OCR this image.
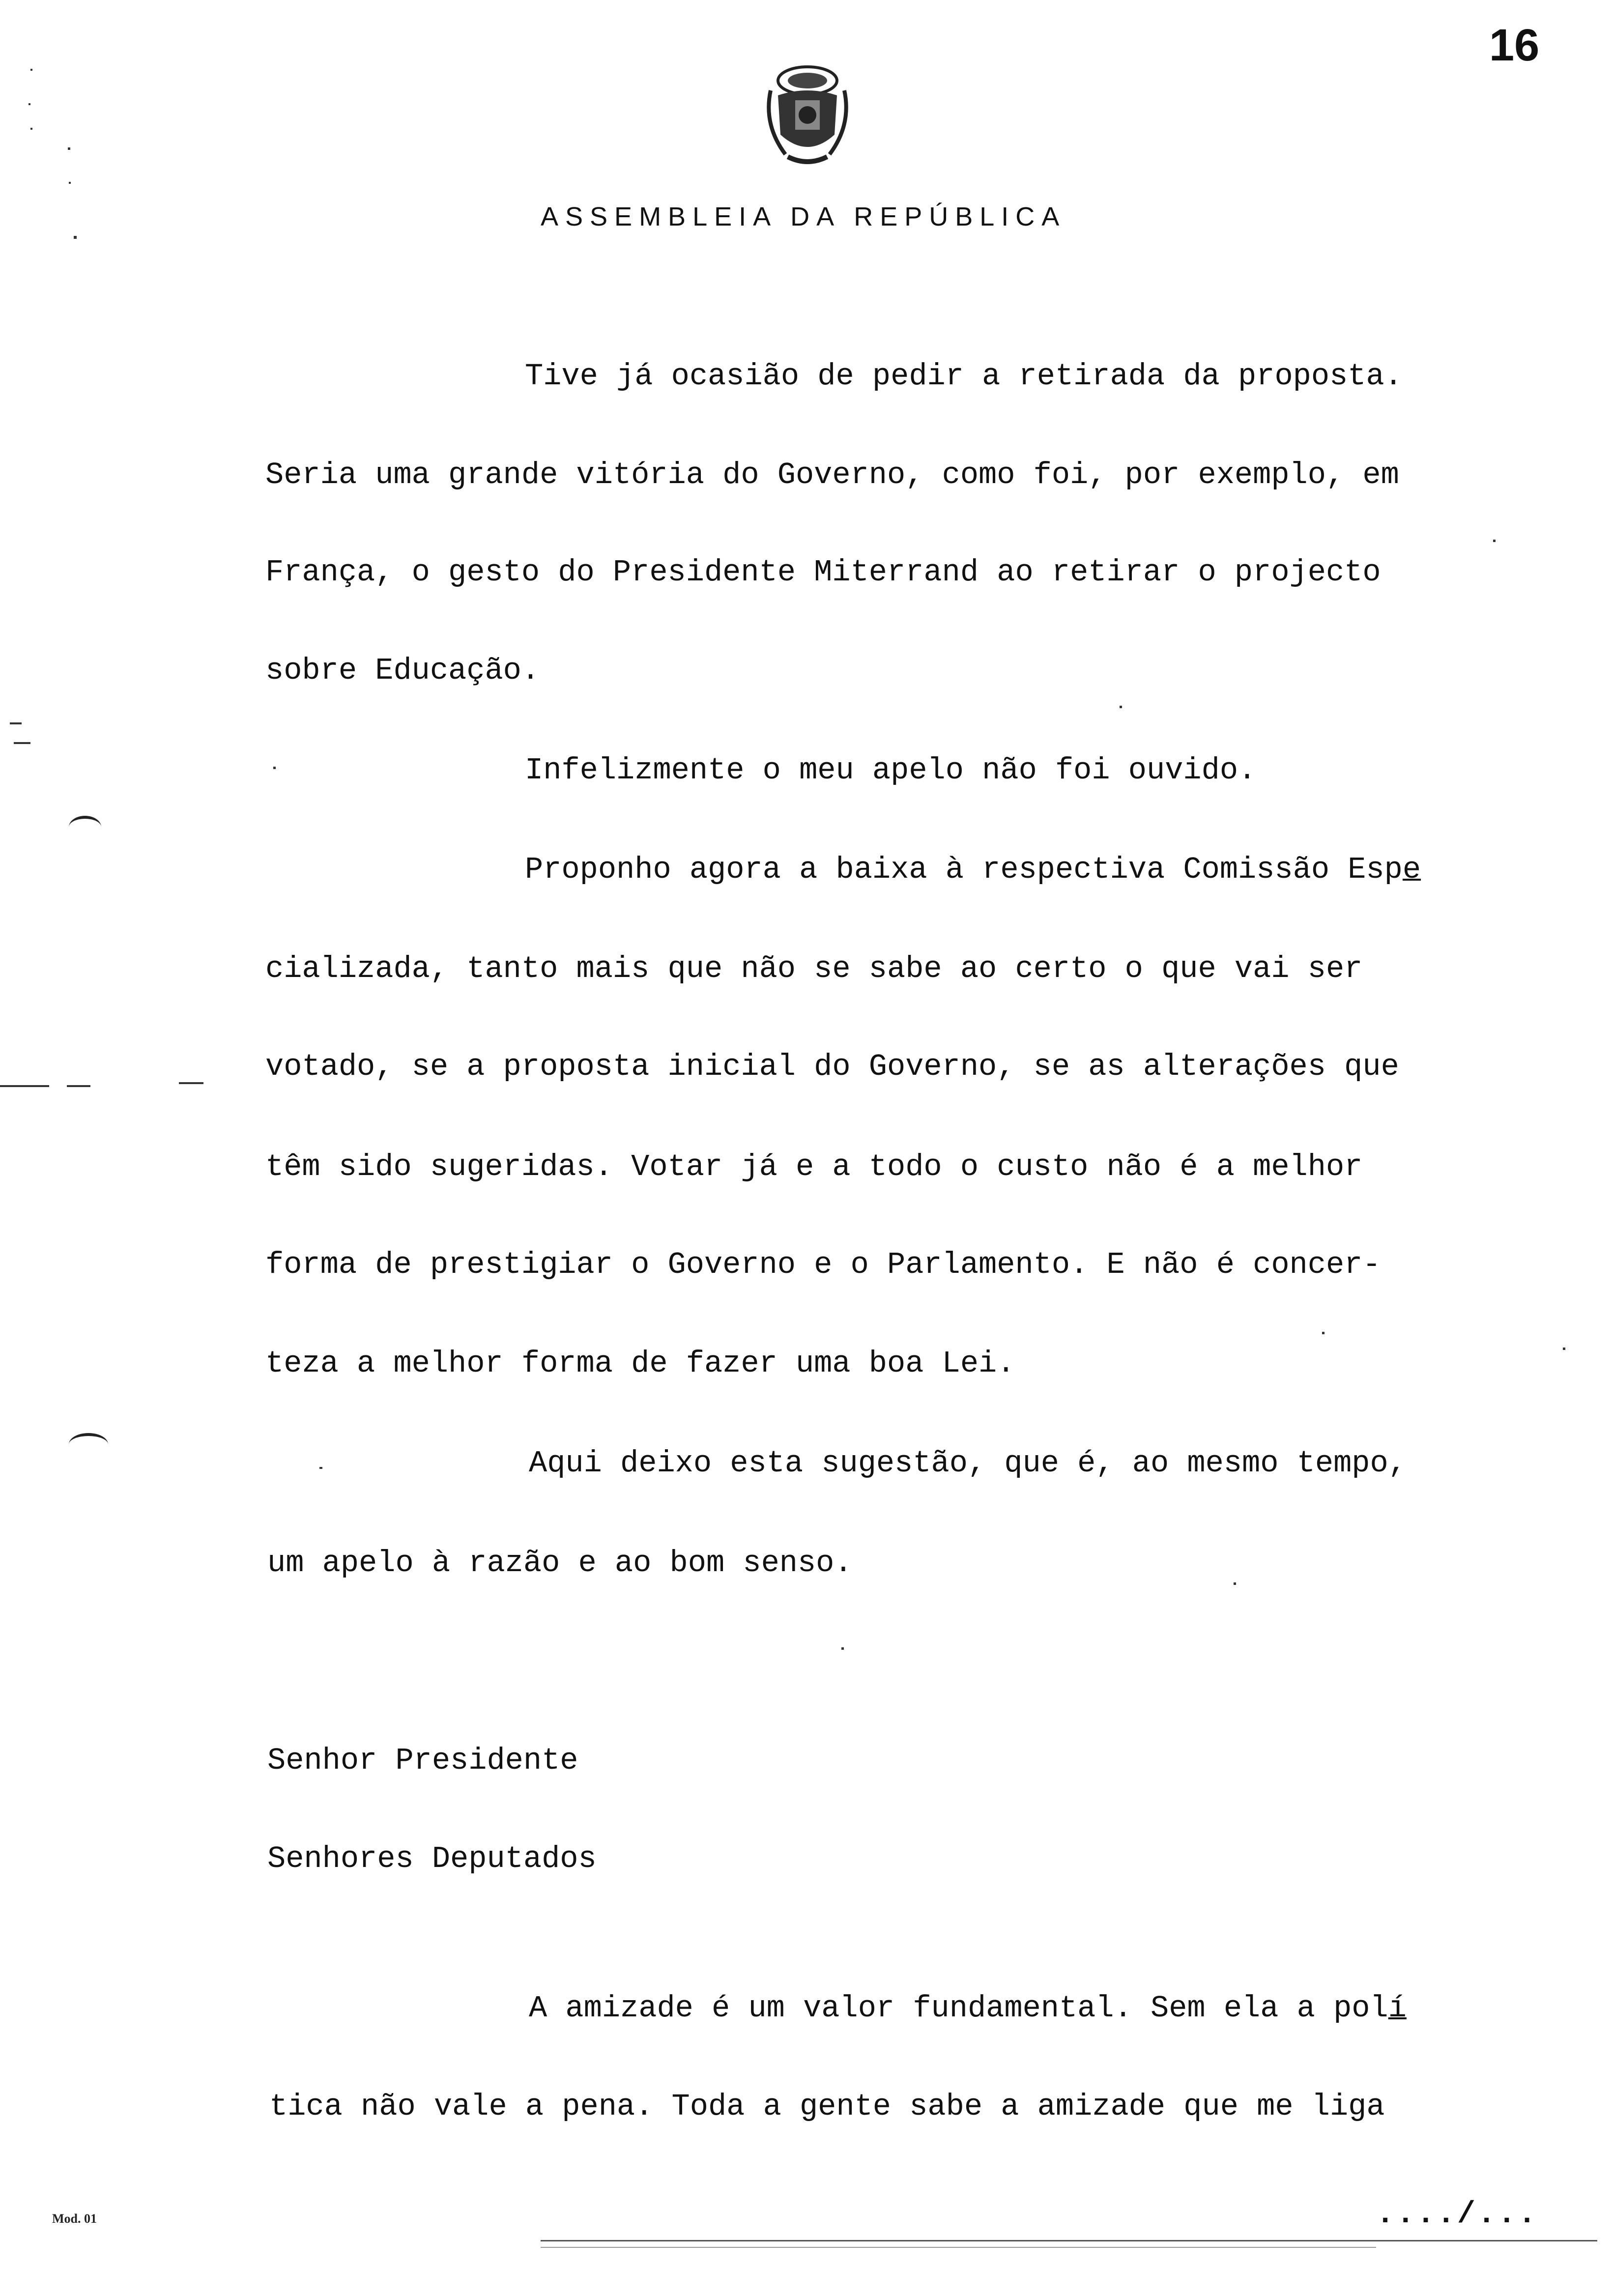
16
ASSEMBLEIA DA REPÚBLICA
Tive já ocasião de pedir a retirada da proposta.
Seria uma grande vitória do Governo, como foi, por exemplo, em
França, o gesto do Presidente Miterrand ao retirar o projecto
sobre Educação.
Infelizmente o meu apelo não foi ouvido.
Proponho agora a baixa à respectiva Comissão Espe
cializada, tanto mais que não se sabe ao certo o que vai ser
votado, se a proposta inicial do Governo, se as alterações que
têm sido sugeridas. Votar já e a todo o custo não é a melhor
forma de prestigiar o Governo e o Parlamento. E não é concer-
teza a melhor forma de fazer uma boa Lei.
Aqui deixo esta sugestão, que é, ao mesmo tempo,
um apelo à razão e ao bom senso.
Senhor Presidente
Senhores Deputados
A amizade é um valor fundamental. Sem ela a polí
tica não vale a pena. Toda a gente sabe a amizade que me liga
Mod. 01	..../...
